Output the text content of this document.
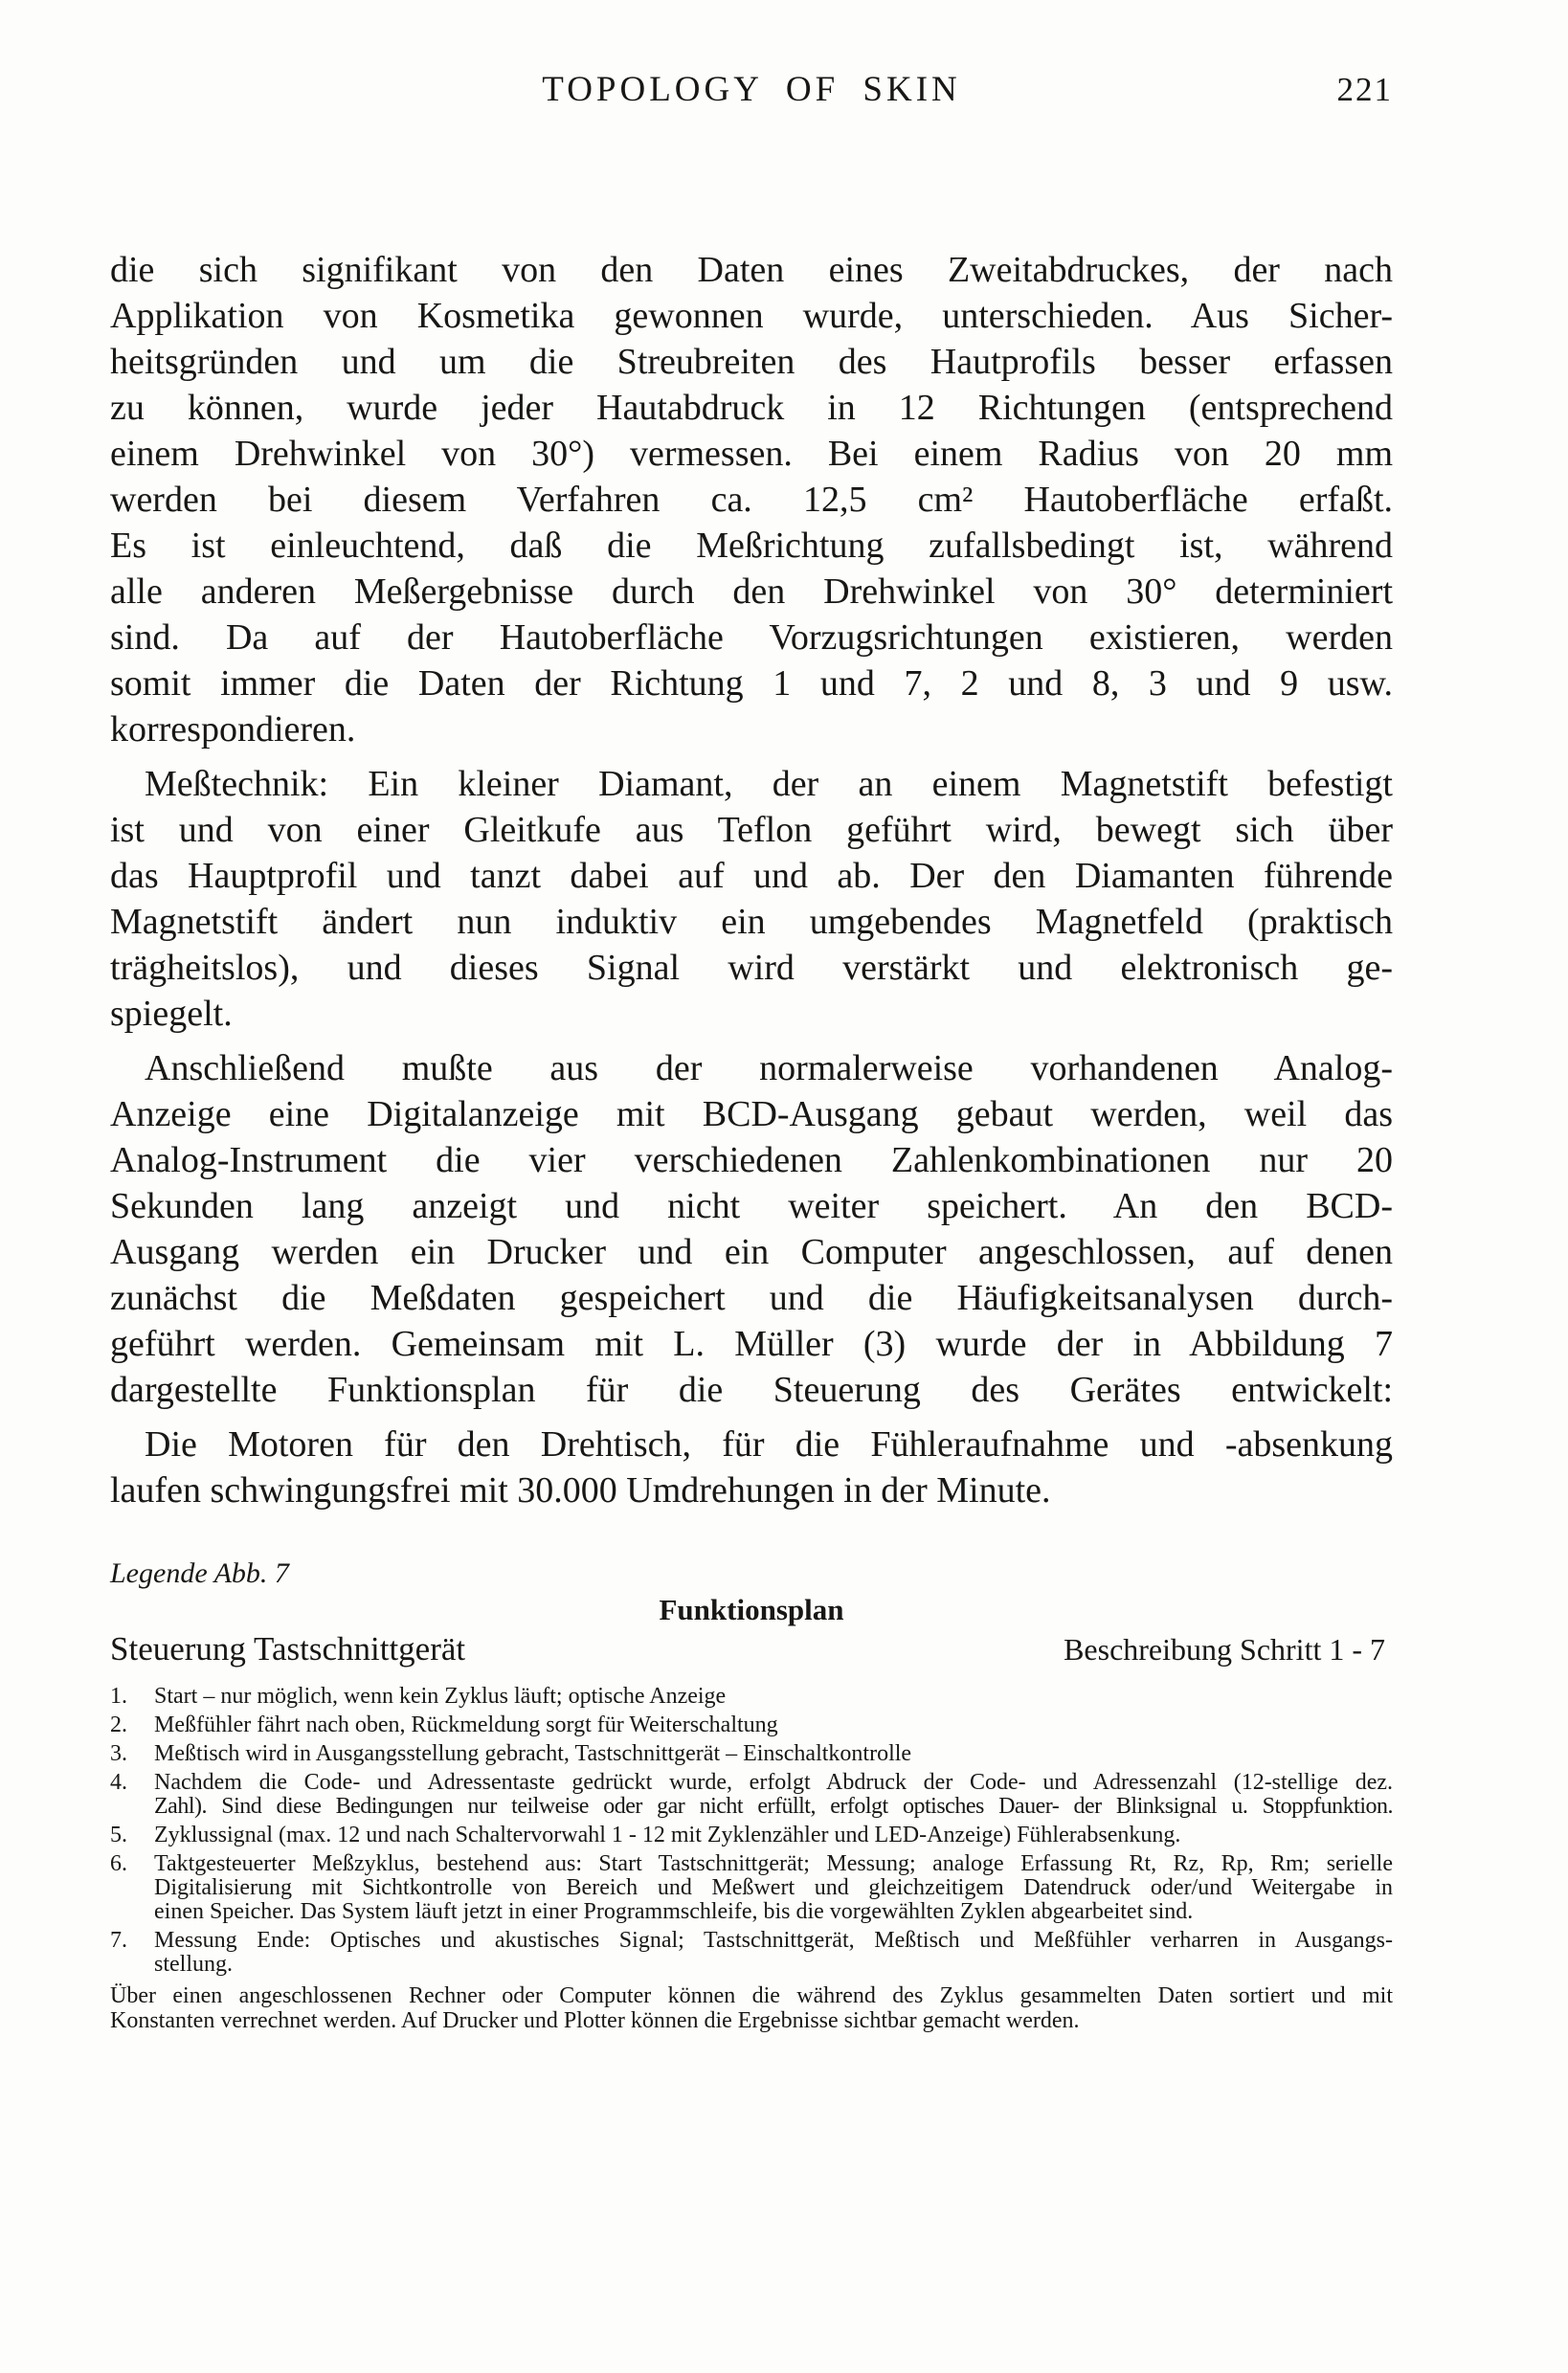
TOPOLOGY OF SKIN	221
die sich signifikant von den Daten eines Zweitabdruckes, der nach
Applikation von Kosmetika gewonnen wurde, unterschieden. Aus Sicher-
heitsgründen und um die Streubreiten des Hautprofils besser erfassen
zu können, wurde jeder Hautabdruck in 12 Richtungen (entsprechend
einem Drehwinkel von 30°) vermessen. Bei einem Radius von 20 mm
werden bei diesem Verfahren ca. 12,5 cm² Hautoberfläche erfaßt.
Es ist einleuchtend, daß die Meßrichtung zufallsbedingt ist, während
alle anderen Meßergebnisse durch den Drehwinkel von 30° determiniert
sind. Da auf der Hautoberfläche Vorzugsrichtungen existieren, werden
somit immer die Daten der Richtung 1 und 7, 2 und 8, 3 und 9 usw.
korrespondieren.
Meßtechnik: Ein kleiner Diamant, der an einem Magnetstift befestigt
ist und von einer Gleitkufe aus Teflon geführt wird, bewegt sich über
das Hauptprofil und tanzt dabei auf und ab. Der den Diamanten führende
Magnetstift ändert nun induktiv ein umgebendes Magnetfeld (praktisch
trägheitslos), und dieses Signal wird verstärkt und elektronisch ge-
spiegelt.
Anschließend mußte aus der normalerweise vorhandenen Analog-
Anzeige eine Digitalanzeige mit BCD-Ausgang gebaut werden, weil das
Analog-Instrument die vier verschiedenen Zahlenkombinationen nur 20
Sekunden lang anzeigt und nicht weiter speichert. An den BCD-
Ausgang werden ein Drucker und ein Computer angeschlossen, auf denen
zunächst die Meßdaten gespeichert und die Häufigkeitsanalysen durch-
geführt werden. Gemeinsam mit L. Müller (3) wurde der in Abbildung 7
dargestellte Funktionsplan für die Steuerung des Gerätes entwickelt:
Die Motoren für den Drehtisch, für die Fühleraufnahme und -absenkung
laufen schwingungsfrei mit 30.000 Umdrehungen in der Minute.
Legende Abb. 7
Funktionsplan
Steuerung Tastschnittgerät	Beschreibung Schritt 1 - 7
1.	Start – nur möglich, wenn kein Zyklus läuft; optische Anzeige
2.	Meßfühler fährt nach oben, Rückmeldung sorgt für Weiterschaltung
3.	Meßtisch wird in Ausgangsstellung gebracht, Tastschnittgerät – Einschaltkontrolle
4.	Nachdem die Code- und Adressentaste gedrückt wurde, erfolgt Abdruck der Code- und Adressenzahl (12-stellige dez.
Zahl). Sind diese Bedingungen nur teilweise oder gar nicht erfüllt, erfolgt optisches Dauer- der Blinksignal u. Stoppfunktion.
5.	Zyklussignal (max. 12 und nach Schaltervorwahl 1 - 12 mit Zyklenzähler und LED-Anzeige) Fühlerabsenkung.
6.	Taktgesteuerter Meßzyklus, bestehend aus: Start Tastschnittgerät; Messung; analoge Erfassung Rt, Rz, Rp, Rm; serielle
Digitalisierung mit Sichtkontrolle von Bereich und Meßwert und gleichzeitigem Datendruck oder/und Weitergabe in
einen Speicher. Das System läuft jetzt in einer Programmschleife, bis die vorgewählten Zyklen abgearbeitet sind.
7.	Messung Ende: Optisches und akustisches Signal; Tastschnittgerät, Meßtisch und Meßfühler verharren in Ausgangs-
stellung.
Über einen angeschlossenen Rechner oder Computer können die während des Zyklus gesammelten Daten sortiert und mit
Konstanten verrechnet werden. Auf Drucker und Plotter können die Ergebnisse sichtbar gemacht werden.
